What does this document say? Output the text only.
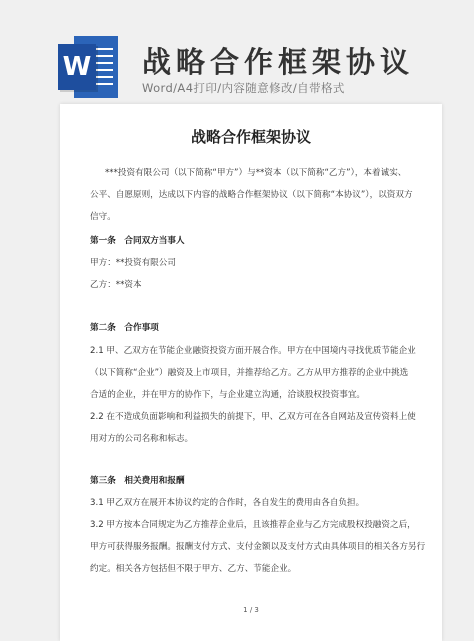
W 战略合作框架协议
Word/A4打印/内容随意修改/自带格式
战略合作框架协议
***投资有限公司（以下简称“甲方”）与**资本（以下简称“乙方”），本着诚实、
公平、自愿原则，达成以下内容的战略合作框架协议（以下简称“本协议”），以资双方
信守。
第一条　合同双方当事人
甲方：**投资有限公司
乙方：**资本
第二条　合作事项
2.1 甲、乙双方在节能企业融资投资方面开展合作。甲方在中国境内寻找优质节能企业
（以下简称“企业”）融资及上市项目，并推荐给乙方。乙方从甲方推荐的企业中挑选
合适的企业，并在甲方的协作下，与企业建立沟通，洽谈股权投资事宜。
2.2 在不造成负面影响和利益损失的前提下，甲、乙双方可在各自网站及宣传资料上使
用对方的公司名称和标志。
第三条　相关费用和报酬
3.1 甲乙双方在展开本协议约定的合作时，各自发生的费用由各自负担。
3.2 甲方按本合同规定为乙方推荐企业后，且该推荐企业与乙方完成股权投融资之后，
甲方可获得服务报酬。报酬支付方式、支付金额以及支付方式由具体项目的相关各方另行
约定。相关各方包括但不限于甲方、乙方、节能企业。
1 / 3
